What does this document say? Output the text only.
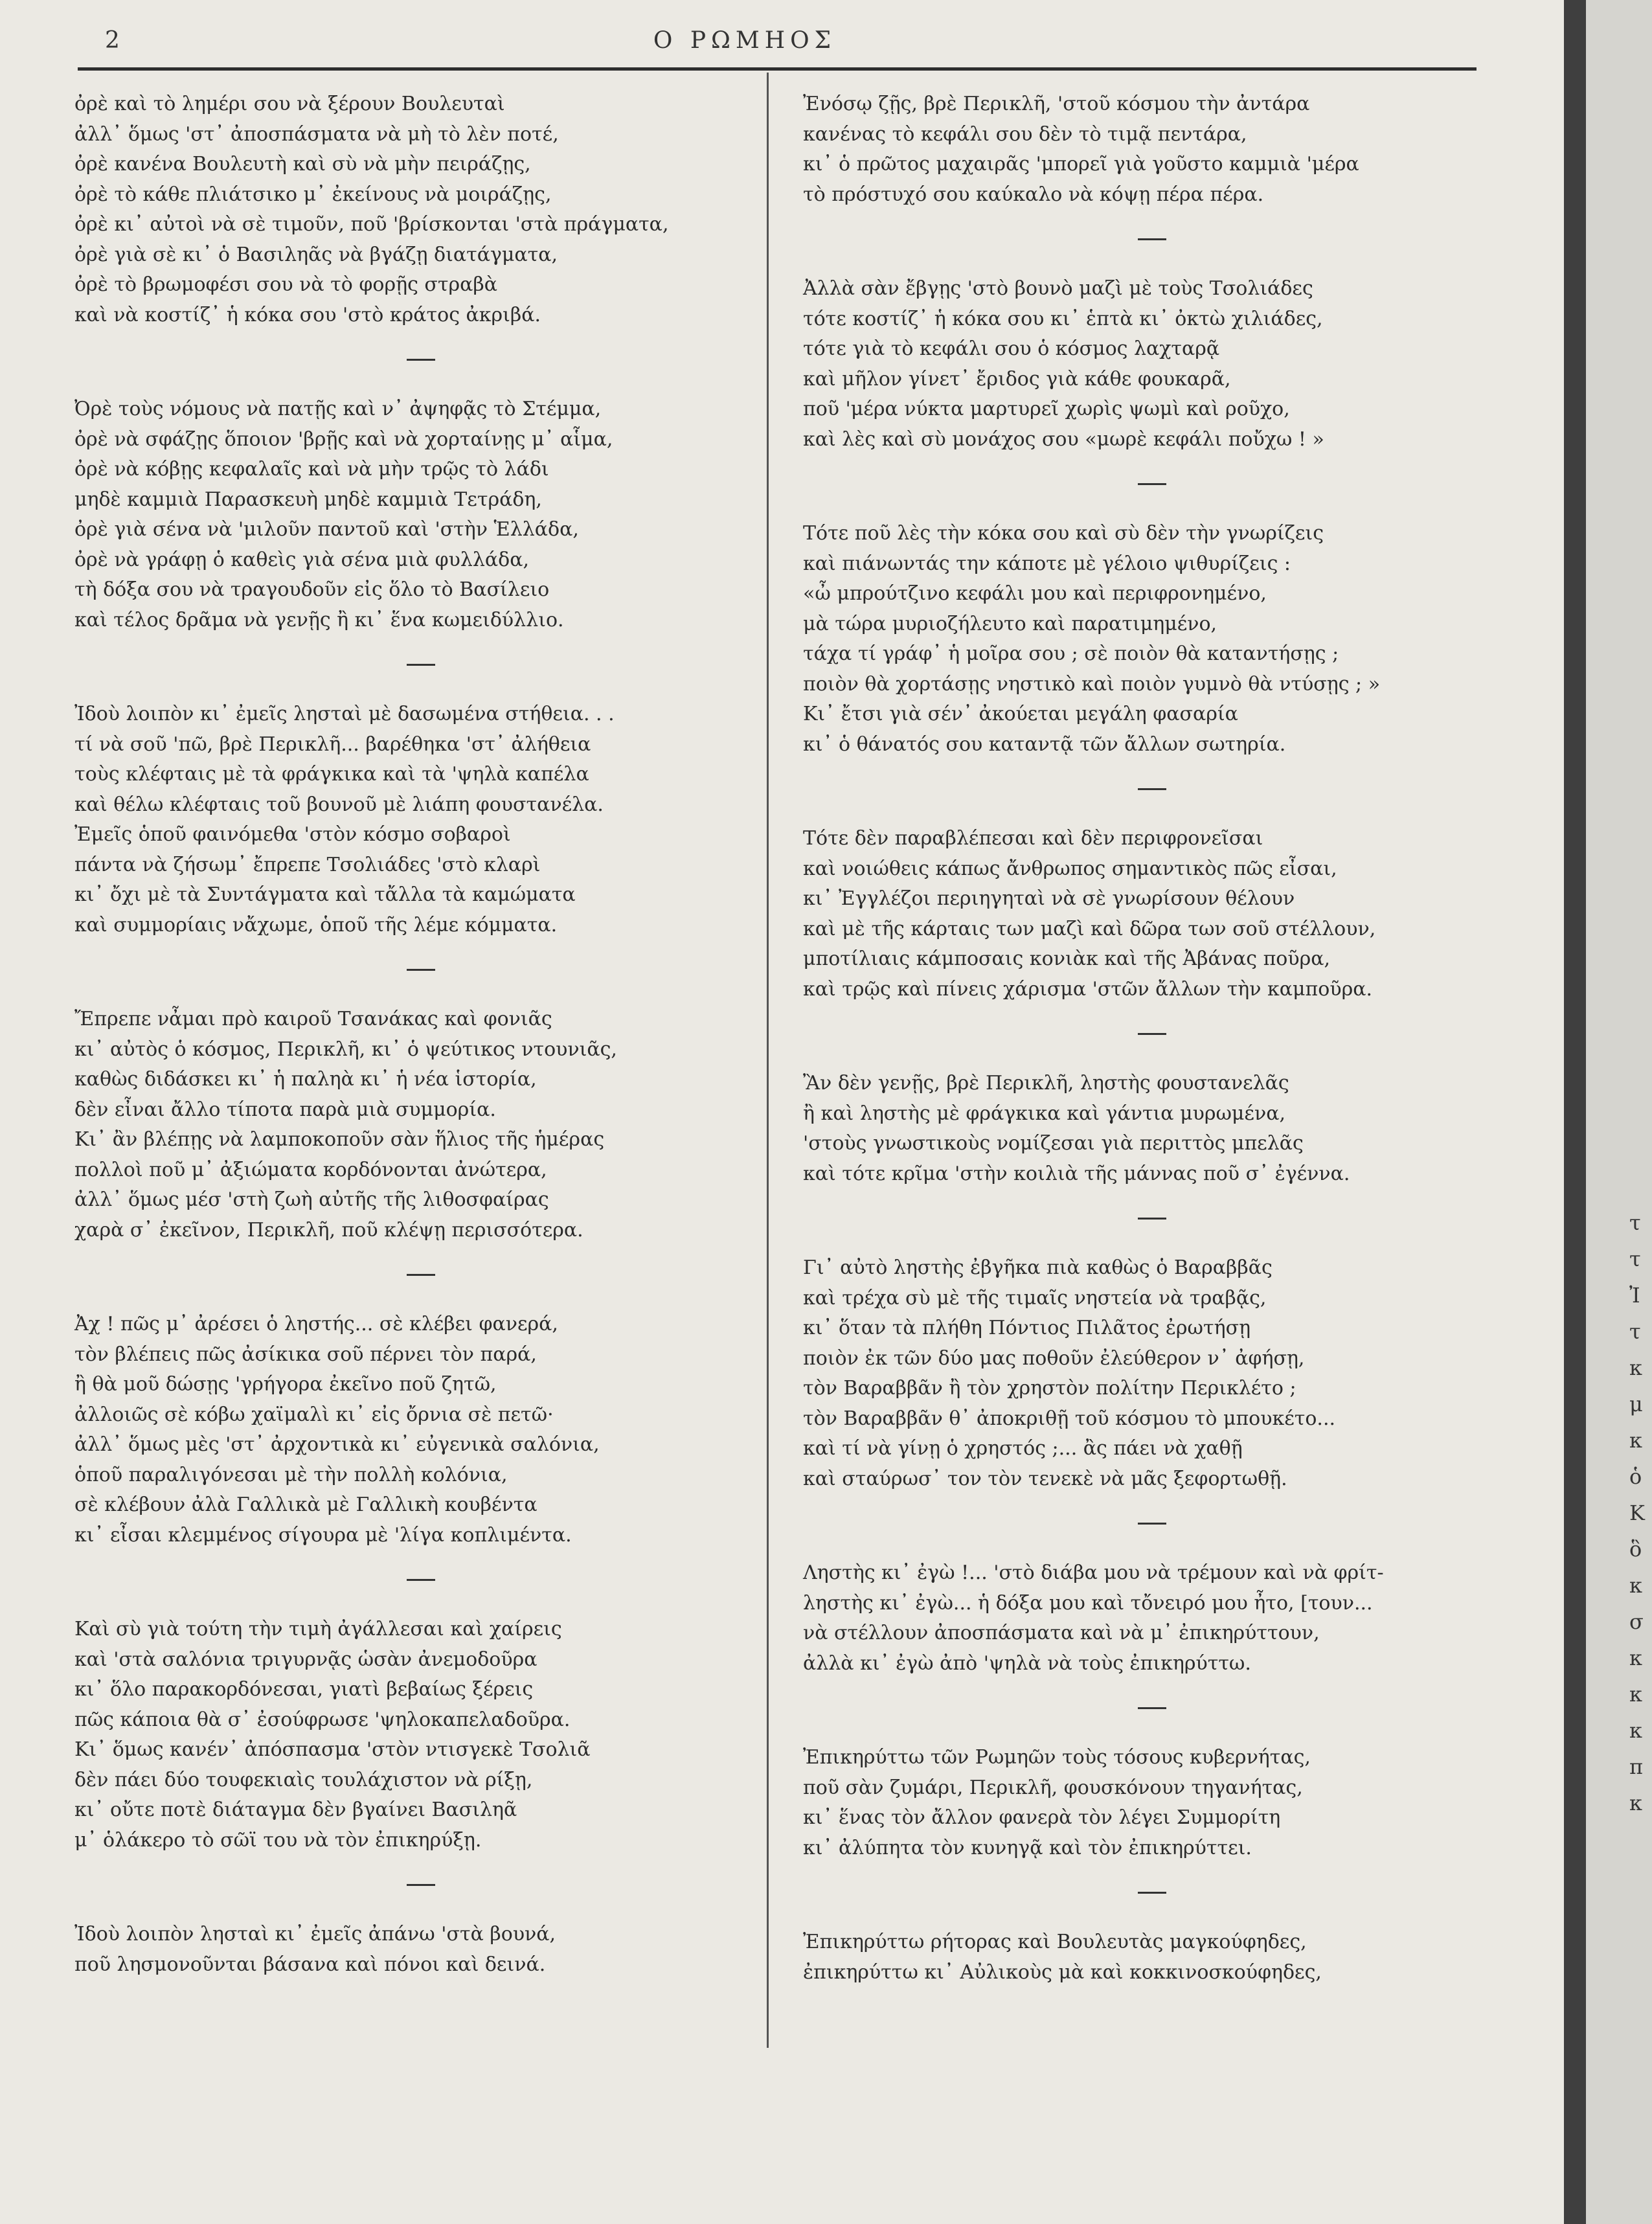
2	Ο ΡΩΜΗΟΣ
ὀρὲ καὶ τὸ λημέρι σου νὰ ξέρουν Βουλευταὶ
ἀλλ᾽ ὅμως 'στ᾽ ἀποσπάσματα νὰ μὴ τὸ λὲν ποτέ,
ὀρὲ κανένα Βουλευτὴ καὶ σὺ νὰ μὴν πειράζῃς,
ὀρὲ τὸ κάθε πλιάτσικο μ᾽ ἐκείνους νὰ μοιράζῃς,
ὀρὲ κι᾽ αὐτοὶ νὰ σὲ τιμοῦν, ποῦ 'βρίσκονται 'στὰ πράγματα,
ὀρὲ γιὰ σὲ κι᾽ ὁ Βασιληᾶς νὰ βγάζῃ διατάγματα,
ὀρὲ τὸ βρωμοφέσι σου νὰ τὸ φορῇς στραβὰ
καὶ νὰ κοστίζ᾽ ἡ κόκα σου 'στὸ κράτος ἀκριβά.
Ὀρὲ τοὺς νόμους νὰ πατῇς καὶ ν᾽ ἀψηφᾷς τὸ Στέμμα,
ὀρὲ νὰ σφάζῃς ὅποιον 'βρῇς καὶ νὰ χορταίνῃς μ᾽ αἷμα,
ὀρὲ νὰ κόβῃς κεφαλαῖς καὶ νὰ μὴν τρῷς τὸ λάδι
μηδὲ καμμιὰ Παρασκευὴ μηδὲ καμμιὰ Τετράδη,
ὀρὲ γιὰ σένα νὰ 'μιλοῦν παντοῦ καὶ 'στὴν Ἑλλάδα,
ὀρὲ νὰ γράφῃ ὁ καθεὶς γιὰ σένα μιὰ φυλλάδα,
τὴ δόξα σου νὰ τραγουδοῦν εἰς ὅλο τὸ Βασίλειο
καὶ τέλος δρᾶμα νὰ γενῇς ἢ κι᾽ ἕνα κωμειδύλλιο.
Ἰδοὺ λοιπὸν κι᾽ ἐμεῖς λησταὶ μὲ δασωμένα στήθεια. . .
τί νὰ σοῦ 'πῶ, βρὲ Περικλῆ... βαρέθηκα 'στ᾽ ἀλήθεια
τοὺς κλέφταις μὲ τὰ φράγκικα καὶ τὰ 'ψηλὰ καπέλα
καὶ θέλω κλέφταις τοῦ βουνοῦ μὲ λιάπη φουστανέλα.
Ἐμεῖς ὁποῦ φαινόμεθα 'στὸν κόσμο σοβαροὶ
πάντα νὰ ζήσωμ᾽ ἔπρεπε Τσολιάδες 'στὸ κλαρὶ
κι᾽ ὄχι μὲ τὰ Συντάγματα καὶ τἄλλα τὰ καμώματα
καὶ συμμορίαις νἄχωμε, ὁποῦ τῆς λέμε κόμματα.
Ἔπρεπε νἆμαι πρὸ καιροῦ Τσανάκας καὶ φονιᾶς
κι᾽ αὐτὸς ὁ κόσμος, Περικλῆ, κι᾽ ὁ ψεύτικος ντουνιᾶς,
καθὼς διδάσκει κι᾽ ἡ παληὰ κι᾽ ἡ νέα ἱστορία,
δὲν εἶναι ἄλλο τίποτα παρὰ μιὰ συμμορία.
Κι᾽ ἂν βλέπῃς νὰ λαμποκοποῦν σὰν ἥλιος τῆς ἡμέρας
πολλοὶ ποῦ μ᾽ ἀξιώματα κορδόνονται ἀνώτερα,
ἀλλ᾽ ὅμως μέσ 'στὴ ζωὴ αὐτῆς τῆς λιθοσφαίρας
χαρὰ σ᾽ ἐκεῖνον, Περικλῆ, ποῦ κλέψῃ περισσότερα.
Ἀχ ! πῶς μ᾽ ἀρέσει ὁ ληστής... σὲ κλέβει φανερά,
τὸν βλέπεις πῶς ἀσίκικα σοῦ πέρνει τὸν παρά,
ἢ θὰ μοῦ δώσῃς 'γρήγορα ἐκεῖνο ποῦ ζητῶ,
ἀλλοιῶς σὲ κόβω χαϊμαλὶ κι᾽ εἰς ὄρνια σὲ πετῶ·
ἀλλ᾽ ὅμως μὲς 'στ᾽ ἀρχοντικὰ κι᾽ εὐγενικὰ σαλόνια,
ὁποῦ παραλιγόνεσαι μὲ τὴν πολλὴ κολόνια,
σὲ κλέβουν ἀλὰ Γαλλικὰ μὲ Γαλλικὴ κουβέντα
κι᾽ εἶσαι κλεμμένος σίγουρα μὲ 'λίγα κοπλιμέντα.
Καὶ σὺ γιὰ τούτη τὴν τιμὴ ἀγάλλεσαι καὶ χαίρεις
καὶ 'στὰ σαλόνια τριγυρνᾷς ὡσὰν ἀνεμοδοῦρα
κι᾽ ὅλο παρακορδόνεσαι, γιατὶ βεβαίως ξέρεις
πῶς κάποια θὰ σ᾽ ἐσούφρωσε 'ψηλοκαπελαδοῦρα.
Κι᾽ ὅμως κανέν᾽ ἀπόσπασμα 'στὸν ντισγεκὲ Τσολιᾶ
δὲν πάει δύο τουφεκιαὶς τουλάχιστον νὰ ρίξῃ,
κι᾽ οὔτε ποτὲ διάταγμα δὲν βγαίνει Βασιληᾶ
μ᾽ ὁλάκερο τὸ σῶϊ του νὰ τὸν ἐπικηρύξῃ.
Ἰδοὺ λοιπὸν λησταὶ κι᾽ ἐμεῖς ἀπάνω 'στὰ βουνά,
ποῦ λησμονοῦνται βάσανα καὶ πόνοι καὶ δεινά.
Ἐνόσῳ ζῇς, βρὲ Περικλῆ, 'στοῦ κόσμου τὴν ἀντάρα
κανένας τὸ κεφάλι σου δὲν τὸ τιμᾷ πεντάρα,
κι᾽ ὁ πρῶτος μαχαιρᾶς 'μπορεῖ γιὰ γοῦστο καμμιὰ 'μέρα
τὸ πρόστυχό σου καύκαλο νὰ κόψῃ πέρα πέρα.
Ἀλλὰ σὰν ἔβγῃς 'στὸ βουνὸ μαζὶ μὲ τοὺς Τσολιάδες
τότε κοστίζ᾽ ἡ κόκα σου κι᾽ ἑπτὰ κι᾽ ὀκτὼ χιλιάδες,
τότε γιὰ τὸ κεφάλι σου ὁ κόσμος λαχταρᾷ
καὶ μῆλον γίνετ᾽ ἔριδος γιὰ κάθε φουκαρᾶ,
ποῦ 'μέρα νύκτα μαρτυρεῖ χωρὶς ψωμὶ καὶ ροῦχο,
καὶ λὲς καὶ σὺ μονάχος σου «μωρὲ κεφάλι ποὔχω ! »
Τότε ποῦ λὲς τὴν κόκα σου καὶ σὺ δὲν τὴν γνωρίζεις
καὶ πιάνωντάς την κάποτε μὲ γέλοιο ψιθυρίζεις :
«ὦ μπρούτζινο κεφάλι μου καὶ περιφρονημένο,
μὰ τώρα μυριοζήλευτο καὶ παρατιμημένο,
τάχα τί γράφ᾽ ἡ μοῖρα σου ; σὲ ποιὸν θὰ καταντήσῃς ;
ποιὸν θὰ χορτάσῃς νηστικὸ καὶ ποιὸν γυμνὸ θὰ ντύσῃς ; »
Κι᾽ ἔτσι γιὰ σέν᾽ ἀκούεται μεγάλη φασαρία
κι᾽ ὁ θάνατός σου καταντᾷ τῶν ἄλλων σωτηρία.
Τότε δὲν παραβλέπεσαι καὶ δὲν περιφρονεῖσαι
καὶ νοιώθεις κάπως ἄνθρωπος σημαντικὸς πῶς εἶσαι,
κι᾽ Ἐγγλέζοι περιηγηταὶ νὰ σὲ γνωρίσουν θέλουν
καὶ μὲ τῆς κάρταις των μαζὶ καὶ δῶρα των σοῦ στέλλουν,
μποτίλιαις κάμποσαις κονιὰκ καὶ τῆς Ἀβάνας ποῦρα,
καὶ τρῷς καὶ πίνεις χάρισμα 'στῶν ἄλλων τὴν καμποῦρα.
Ἂν δὲν γενῇς, βρὲ Περικλῆ, ληστὴς φουστανελᾶς
ἢ καὶ ληστὴς μὲ φράγκικα καὶ γάντια μυρωμένα,
'στοὺς γνωστικοὺς νομίζεσαι γιὰ περιττὸς μπελᾶς
καὶ τότε κρῖμα 'στὴν κοιλιὰ τῆς μάννας ποῦ σ᾽ ἐγέννα.
Γι᾽ αὐτὸ ληστὴς ἐβγῆκα πιὰ καθὼς ὁ Βαραββᾶς
καὶ τρέχα σὺ μὲ τῆς τιμαῖς νηστεία νὰ τραβᾷς,
κι᾽ ὅταν τὰ πλήθη Πόντιος Πιλᾶτος ἐρωτήσῃ
ποιὸν ἐκ τῶν δύο μας ποθοῦν ἐλεύθερον ν᾽ ἀφήσῃ,
τὸν Βαραββᾶν ἢ τὸν χρηστὸν πολίτην Περικλέτο ;
τὸν Βαραββᾶν θ᾽ ἀποκριθῇ τοῦ κόσμου τὸ μπουκέτο...
καὶ τί νὰ γίνῃ ὁ χρηστός ;... ἂς πάει νὰ χαθῇ
καὶ σταύρωσ᾽ τον τὸν τενεκὲ νὰ μᾶς ξεφορτωθῇ.
Ληστὴς κι᾽ ἐγὼ !... 'στὸ διάβα μου νὰ τρέμουν καὶ νὰ φρίτ-
ληστὴς κι᾽ ἐγὼ... ἡ δόξα μου καὶ τὄνειρό μου ἦτο, [τουν...
νὰ στέλλουν ἀποσπάσματα καὶ νὰ μ᾽ ἐπικηρύττουν,
ἀλλὰ κι᾽ ἐγὼ ἀπὸ 'ψηλὰ νὰ τοὺς ἐπικηρύττω.
Ἐπικηρύττω τῶν Ρωμηῶν τοὺς τόσους κυβερνήτας,
ποῦ σὰν ζυμάρι, Περικλῆ, φουσκόνουν τηγανήτας,
κι᾽ ἕνας τὸν ἄλλον φανερὰ τὸν λέγει Συμμορίτη
κι᾽ ἀλύπητα τὸν κυνηγᾷ καὶ τὸν ἐπικηρύττει.
Ἐπικηρύττω ρήτορας καὶ Βουλευτὰς μαγκούφηδες,
ἐπικηρύττω κι᾽ Αὐλικοὺς μὰ καὶ κοκκινοσκούφηδες,
τ
τ
Ἰ
τ
κ
μ
κ
ὁ
Κ
ὃ
κ
σ
κ
κ
κ
π
κ
